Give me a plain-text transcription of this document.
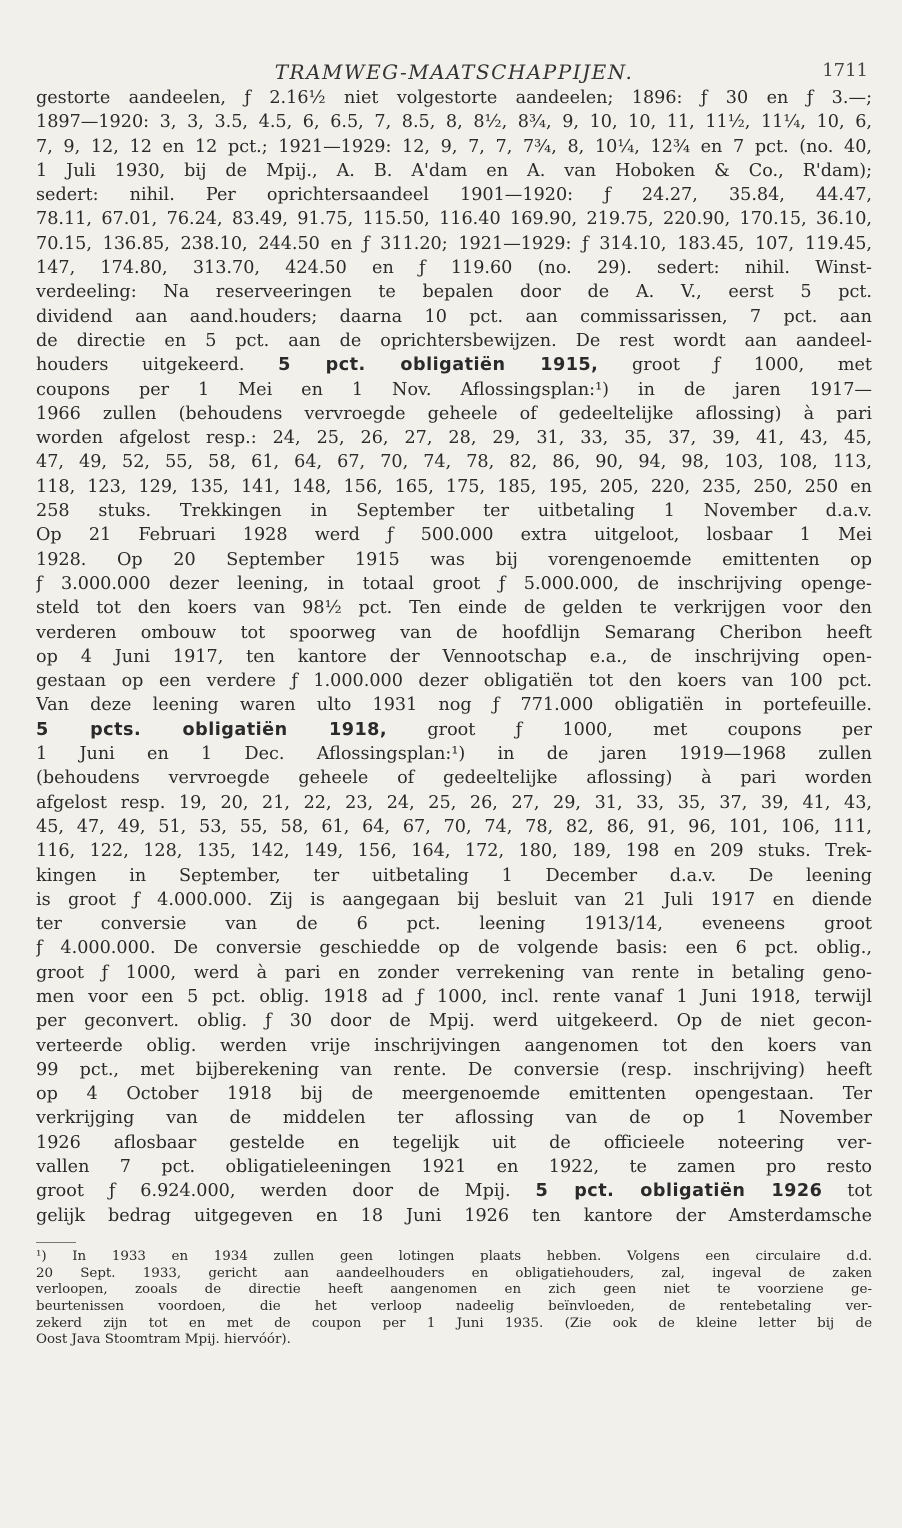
TRAMWEG-MAATSCHAPPIJEN.	1711
gestorte aandeelen, ƒ 2.16½ niet volgestorte aandeelen; 1896: ƒ 30 en ƒ 3.—;
1897—1920: 3, 3, 3.5, 4.5, 6, 6.5, 7, 8.5, 8, 8½, 8¾, 9, 10, 10, 11, 11½, 11¼, 10, 6,
7, 9, 12, 12 en 12 pct.; 1921—1929: 12, 9, 7, 7, 7¾, 8, 10¼, 12¾ en 7 pct. (no. 40,
1 Juli 1930, bij de Mpij., A. B. A'dam en A. van Hoboken & Co., R'dam);
sedert: nihil. Per oprichtersaandeel 1901—1920: ƒ 24.27, 35.84, 44.47,
78.11, 67.01, 76.24, 83.49, 91.75, 115.50, 116.40 169.90, 219.75, 220.90, 170.15, 36.10,
70.15, 136.85, 238.10, 244.50 en ƒ 311.20; 1921—1929: ƒ 314.10, 183.45, 107, 119.45,
147, 174.80, 313.70, 424.50 en ƒ 119.60 (no. 29). sedert: nihil. Winst-
verdeeling: Na reserveeringen te bepalen door de A. V., eerst 5 pct.
dividend aan aand.houders; daarna 10 pct. aan commissarissen, 7 pct. aan
de directie en 5 pct. aan de oprichtersbewijzen. De rest wordt aan aandeel-
houders uitgekeerd. 5 pct. obligatiën 1915, groot ƒ 1000, met
coupons per 1 Mei en 1 Nov. Aflossingsplan:¹) in de jaren 1917—
1966 zullen (behoudens vervroegde geheele of gedeeltelijke aflossing) à pari
worden afgelost resp.: 24, 25, 26, 27, 28, 29, 31, 33, 35, 37, 39, 41, 43, 45,
47, 49, 52, 55, 58, 61, 64, 67, 70, 74, 78, 82, 86, 90, 94, 98, 103, 108, 113,
118, 123, 129, 135, 141, 148, 156, 165, 175, 185, 195, 205, 220, 235, 250, 250 en
258 stuks. Trekkingen in September ter uitbetaling 1 November d.a.v.
Op 21 Februari 1928 werd ƒ 500.000 extra uitgeloot, losbaar 1 Mei
1928. Op 20 September 1915 was bij vorengenoemde emittenten op
ƒ 3.000.000 dezer leening, in totaal groot ƒ 5.000.000, de inschrijving openge-
steld tot den koers van 98½ pct. Ten einde de gelden te verkrijgen voor den
verderen ombouw tot spoorweg van de hoofdlijn Semarang Cheribon heeft
op 4 Juni 1917, ten kantore der Vennootschap e.a., de inschrijving open-
gestaan op een verdere ƒ 1.000.000 dezer obligatiën tot den koers van 100 pct.
Van deze leening waren ulto 1931 nog ƒ 771.000 obligatiën in portefeuille.
5 pcts. obligatiën 1918, groot ƒ 1000, met coupons per
1 Juni en 1 Dec. Aflossingsplan:¹) in de jaren 1919—1968 zullen
(behoudens vervroegde geheele of gedeeltelijke aflossing) à pari worden
afgelost resp. 19, 20, 21, 22, 23, 24, 25, 26, 27, 29, 31, 33, 35, 37, 39, 41, 43,
45, 47, 49, 51, 53, 55, 58, 61, 64, 67, 70, 74, 78, 82, 86, 91, 96, 101, 106, 111,
116, 122, 128, 135, 142, 149, 156, 164, 172, 180, 189, 198 en 209 stuks. Trek-
kingen in September, ter uitbetaling 1 December d.a.v. De leening
is groot ƒ 4.000.000. Zij is aangegaan bij besluit van 21 Juli 1917 en diende
ter conversie van de 6 pct. leening 1913/14, eveneens groot
ƒ 4.000.000. De conversie geschiedde op de volgende basis: een 6 pct. oblig.,
groot ƒ 1000, werd à pari en zonder verrekening van rente in betaling geno-
men voor een 5 pct. oblig. 1918 ad ƒ 1000, incl. rente vanaf 1 Juni 1918, terwijl
per geconvert. oblig. ƒ 30 door de Mpij. werd uitgekeerd. Op de niet gecon-
verteerde oblig. werden vrije inschrijvingen aangenomen tot den koers van
99 pct., met bijberekening van rente. De conversie (resp. inschrijving) heeft
op 4 October 1918 bij de meergenoemde emittenten opengestaan. Ter
verkrijging van de middelen ter aflossing van de op 1 November
1926 aflosbaar gestelde en tegelijk uit de officieele noteering ver-
vallen 7 pct. obligatieleeningen 1921 en 1922, te zamen pro resto
groot ƒ 6.924.000, werden door de Mpij. 5 pct. obligatiën 1926 tot
gelijk bedrag uitgegeven en 18 Juni 1926 ten kantore der Amsterdamsche
¹) In 1933 en 1934 zullen geen lotingen plaats hebben. Volgens een circulaire d.d.
20 Sept. 1933, gericht aan aandeelhouders en obligatiehouders, zal, ingeval de zaken
verloopen, zooals de directie heeft aangenomen en zich geen niet te voorziene ge-
beurtenissen voordoen, die het verloop nadeelig beïnvloeden, de rentebetaling ver-
zekerd zijn tot en met de coupon per 1 Juni 1935. (Zie ook de kleine letter bij de
Oost Java Stoomtram Mpij. hiervóór).
